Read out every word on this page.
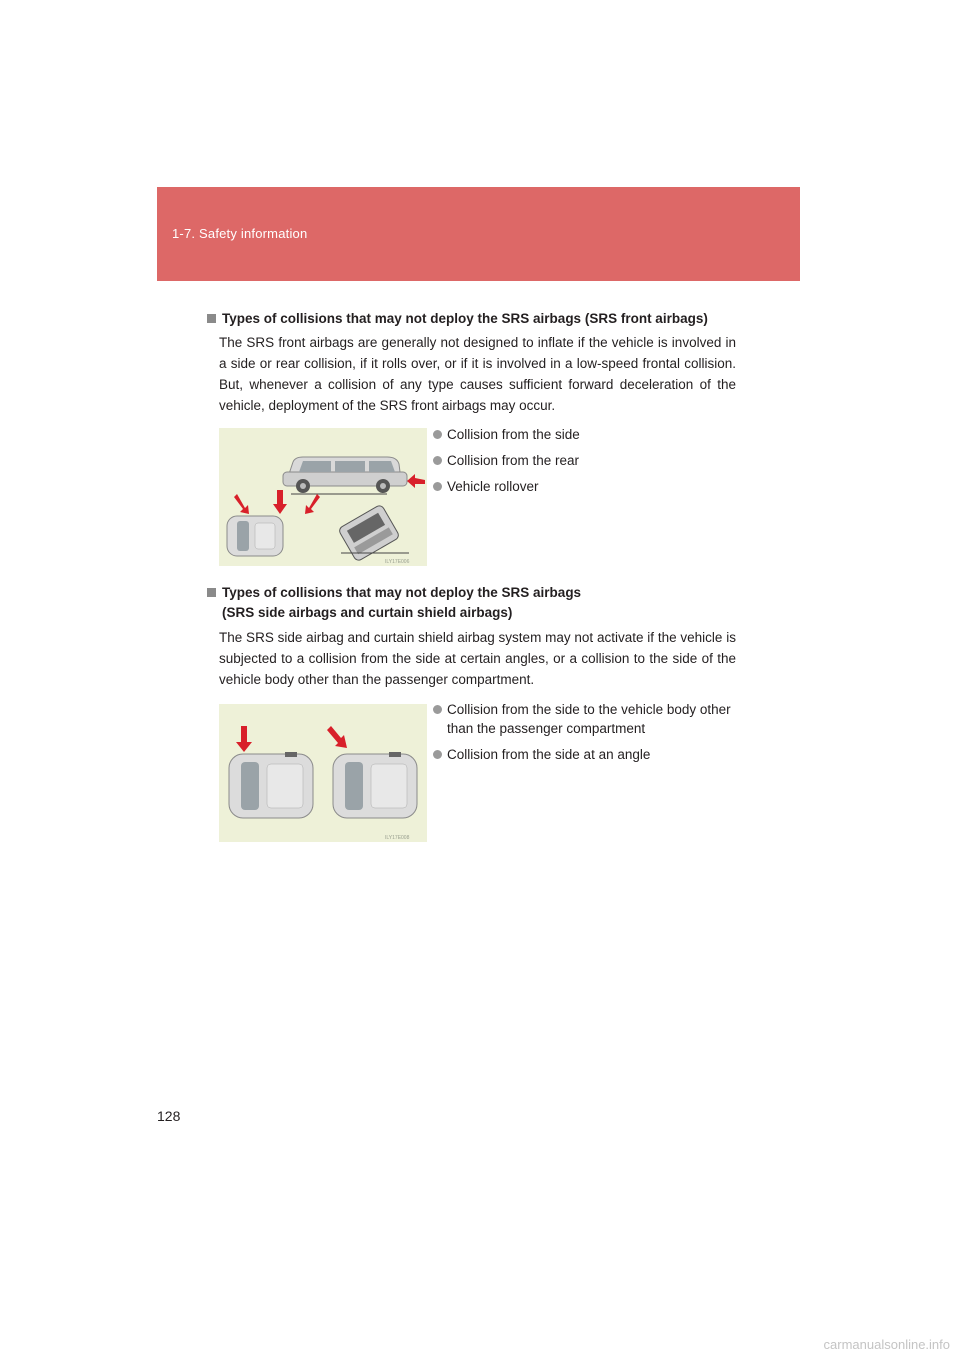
1-7. Safety information
Types of collisions that may not deploy the SRS airbags (SRS front airbags)
The SRS front airbags are generally not designed to inflate if the vehicle is involved in a side or rear collision, if it rolls over, or if it is involved in a low-speed frontal collision. But, whenever a collision of any type causes sufficient forward deceleration of the vehicle, deployment of the SRS front airbags may occur.
ILY17E006
Collision from the side
Collision from the rear
Vehicle rollover
Types of collisions that may not deploy the SRS airbags
(SRS side airbags and curtain shield airbags)
The SRS side airbag and curtain shield airbag system may not activate if the vehicle is subjected to a collision from the side at certain angles, or a collision to the side of the vehicle body other than the passenger compartment.
ILY17E008
Collision from the side to the vehicle body other than the passenger compartment
Collision from the side at an angle
128
carmanualsonline.info
